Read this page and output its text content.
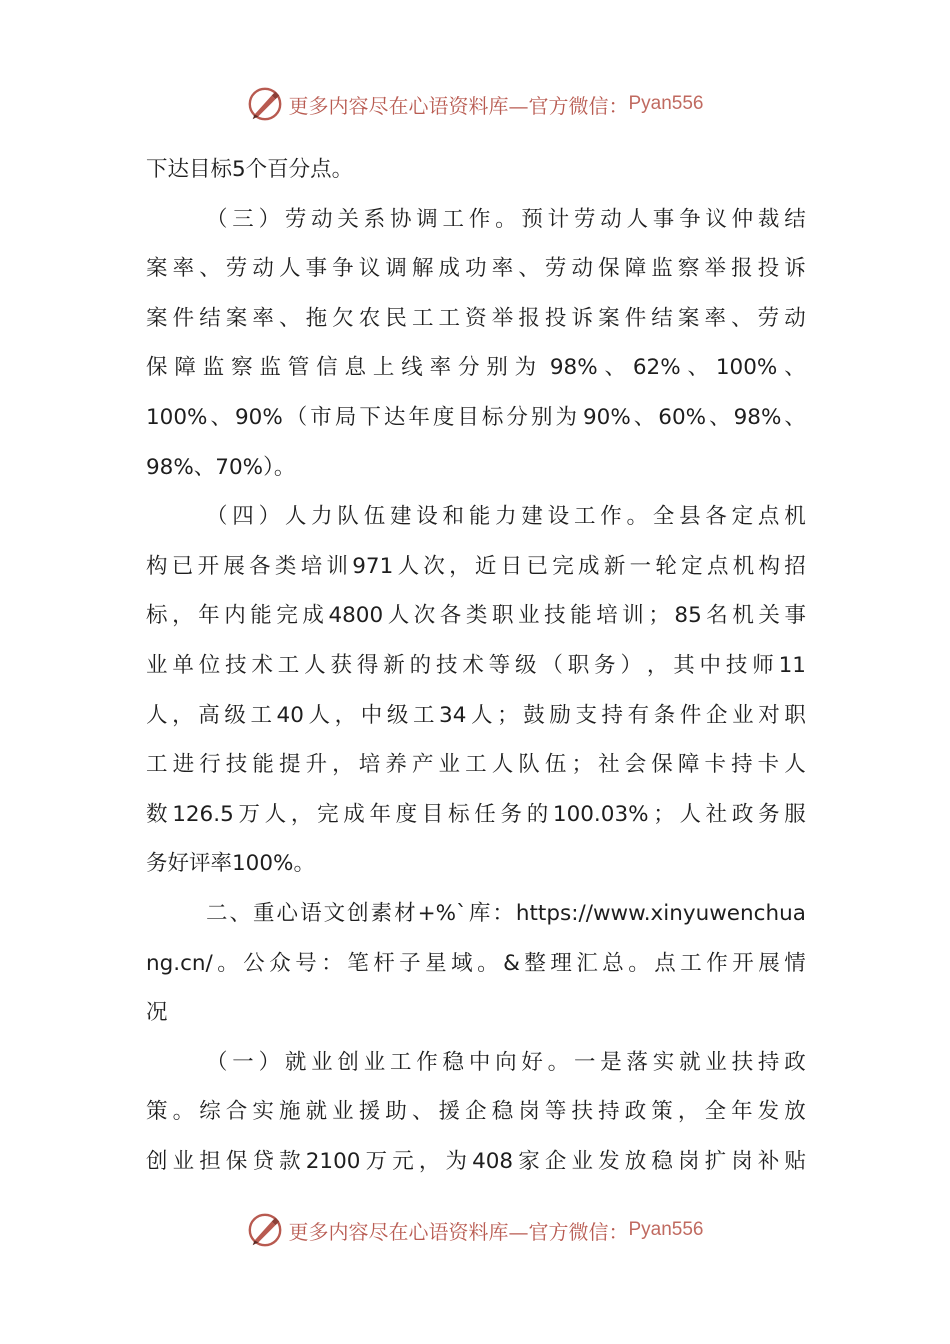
更多内容尽在心语资料库—官方微信： Pyan556
下达目标5个百分点。
（ 三 ） 劳 动 关 系 协 调 工 作 。 预 计 劳 动 人 事 争 议 仲 裁 结
案 率 、 劳 动 人 事 争 议 调 解 成 功 率 、 劳 动 保 障 监 察 举 报 投 诉
案 件 结 案 率 、 拖 欠 农 民 工 工 资 举 报 投 诉 案 件 结 案 率 、 劳 动
保 障 监 察 监 管 信 息 上 线 率 分 别 为 98% 、 62% 、 100% 、
100% 、 90% （ 市 局 下 达 年 度 目 标 分 别 为 90% 、 60% 、 98% 、
98%、70%）。
（ 四 ） 人 力 队 伍 建 设 和 能 力 建 设 工 作 。 全 县 各 定 点 机
构 已 开 展 各 类 培 训 971 人 次 ， 近 日 已 完 成 新 一 轮 定 点 机 构 招
标 ， 年 内 能 完 成 4800 人 次 各 类 职 业 技 能 培 训 ； 85 名 机 关 事
业 单 位 技 术 工 人 获 得 新 的 技 术 等 级 （ 职 务 ） ， 其 中 技 师 11
人 ， 高 级 工 40 人 ， 中 级 工 34 人 ； 鼓 励 支 持 有 条 件 企 业 对 职
工 进 行 技 能 提 升 ， 培 养 产 业 工 人 队 伍 ； 社 会 保 障 卡 持 卡 人
数 126.5 万 人 ， 完 成 年 度 目 标 任 务 的 100.03% ； 人 社 政 务 服
务好评率100%。
二 、 重 心 语 文 创 素 材 +%` 库 ： https://www.xinyuwenchua
ng.cn/ 。 公 众 号 ： 笔 杆 子 星 域 。 & 整 理 汇 总 。 点 工 作 开 展 情
况
（ 一 ） 就 业 创 业 工 作 稳 中 向 好 。 一 是 落 实 就 业 扶 持 政
策 。 综 合 实 施 就 业 援 助 、 援 企 稳 岗 等 扶 持 政 策 ， 全 年 发 放
创 业 担 保 贷 款 2100 万 元 ， 为 408 家 企 业 发 放 稳 岗 扩 岗 补 贴
更多内容尽在心语资料库—官方微信： Pyan556
